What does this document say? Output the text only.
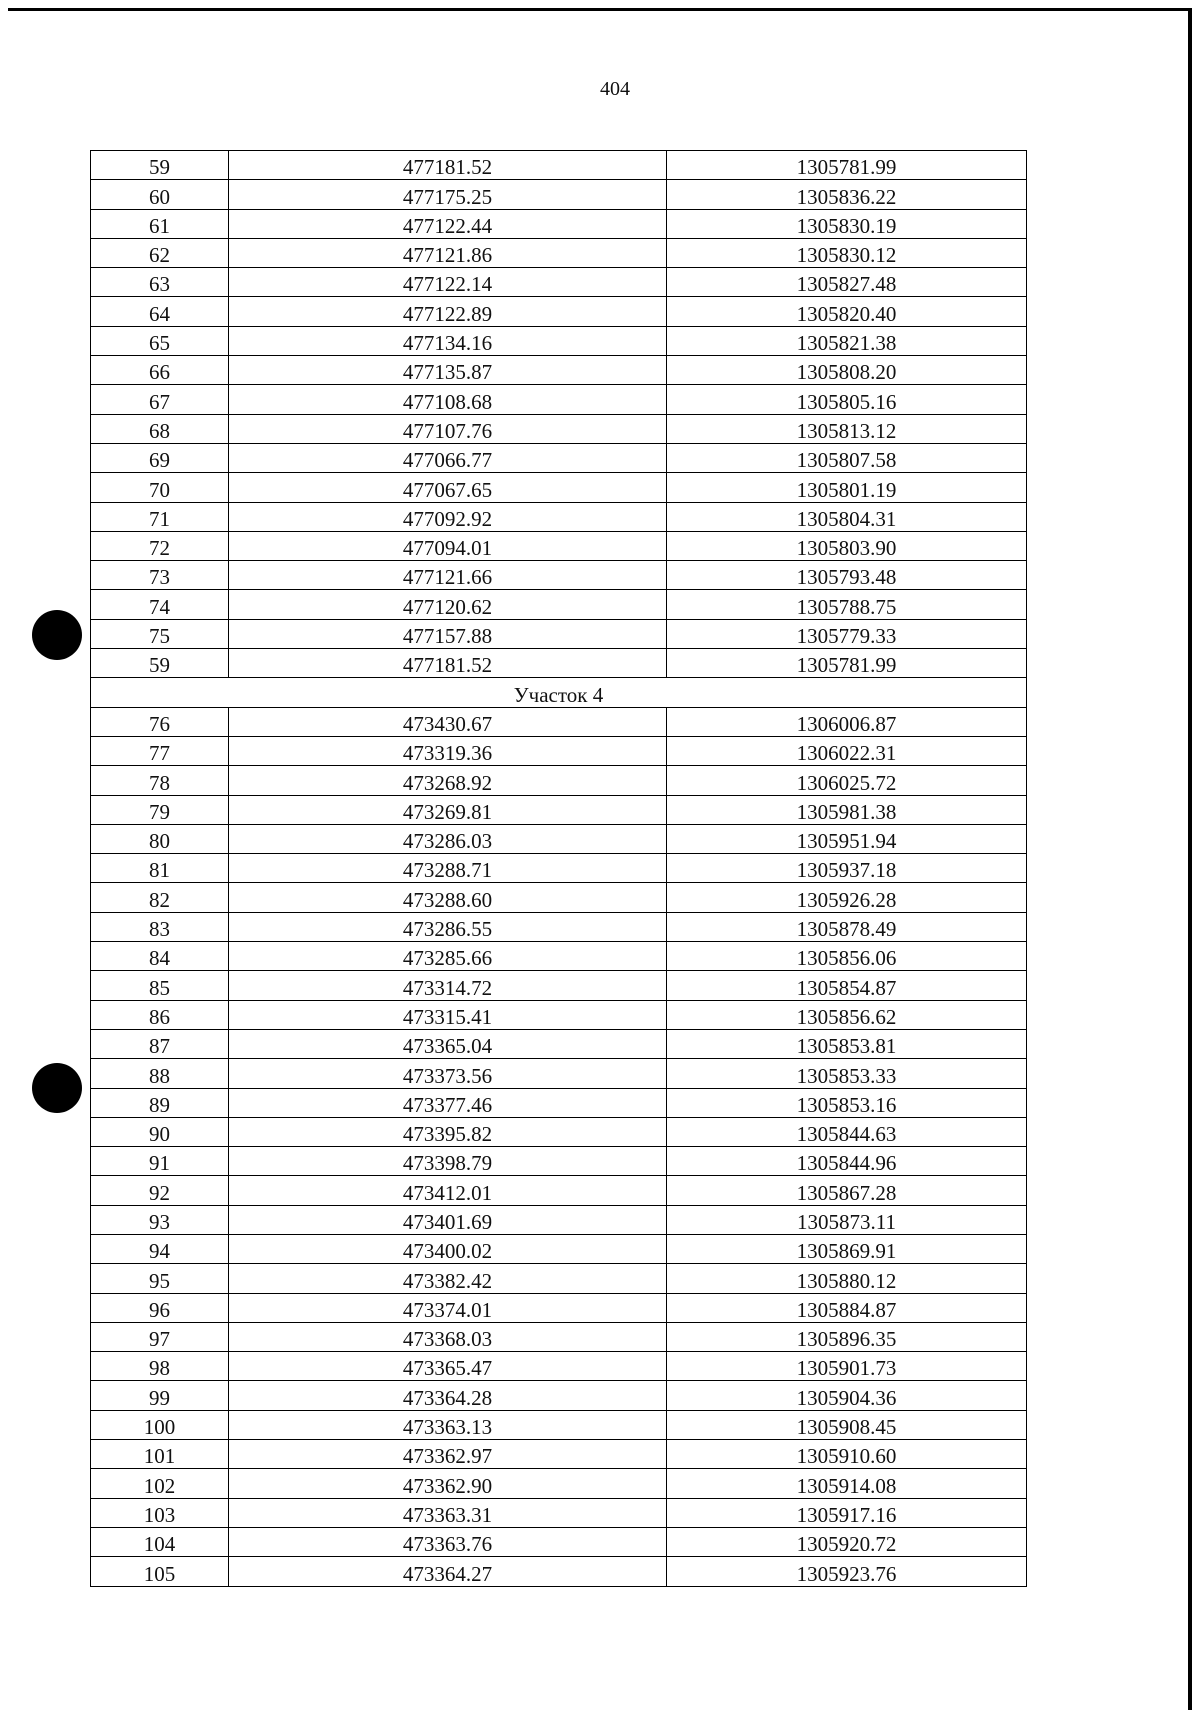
404
59	477181.52	1305781.99
60	477175.25	1305836.22
61	477122.44	1305830.19
62	477121.86	1305830.12
63	477122.14	1305827.48
64	477122.89	1305820.40
65	477134.16	1305821.38
66	477135.87	1305808.20
67	477108.68	1305805.16
68	477107.76	1305813.12
69	477066.77	1305807.58
70	477067.65	1305801.19
71	477092.92	1305804.31
72	477094.01	1305803.90
73	477121.66	1305793.48
74	477120.62	1305788.75
75	477157.88	1305779.33
59	477181.52	1305781.99
Участок 4		
76	473430.67	1306006.87
77	473319.36	1306022.31
78	473268.92	1306025.72
79	473269.81	1305981.38
80	473286.03	1305951.94
81	473288.71	1305937.18
82	473288.60	1305926.28
83	473286.55	1305878.49
84	473285.66	1305856.06
85	473314.72	1305854.87
86	473315.41	1305856.62
87	473365.04	1305853.81
88	473373.56	1305853.33
89	473377.46	1305853.16
90	473395.82	1305844.63
91	473398.79	1305844.96
92	473412.01	1305867.28
93	473401.69	1305873.11
94	473400.02	1305869.91
95	473382.42	1305880.12
96	473374.01	1305884.87
97	473368.03	1305896.35
98	473365.47	1305901.73
99	473364.28	1305904.36
100	473363.13	1305908.45
101	473362.97	1305910.60
102	473362.90	1305914.08
103	473363.31	1305917.16
104	473363.76	1305920.72
105	473364.27	1305923.76
